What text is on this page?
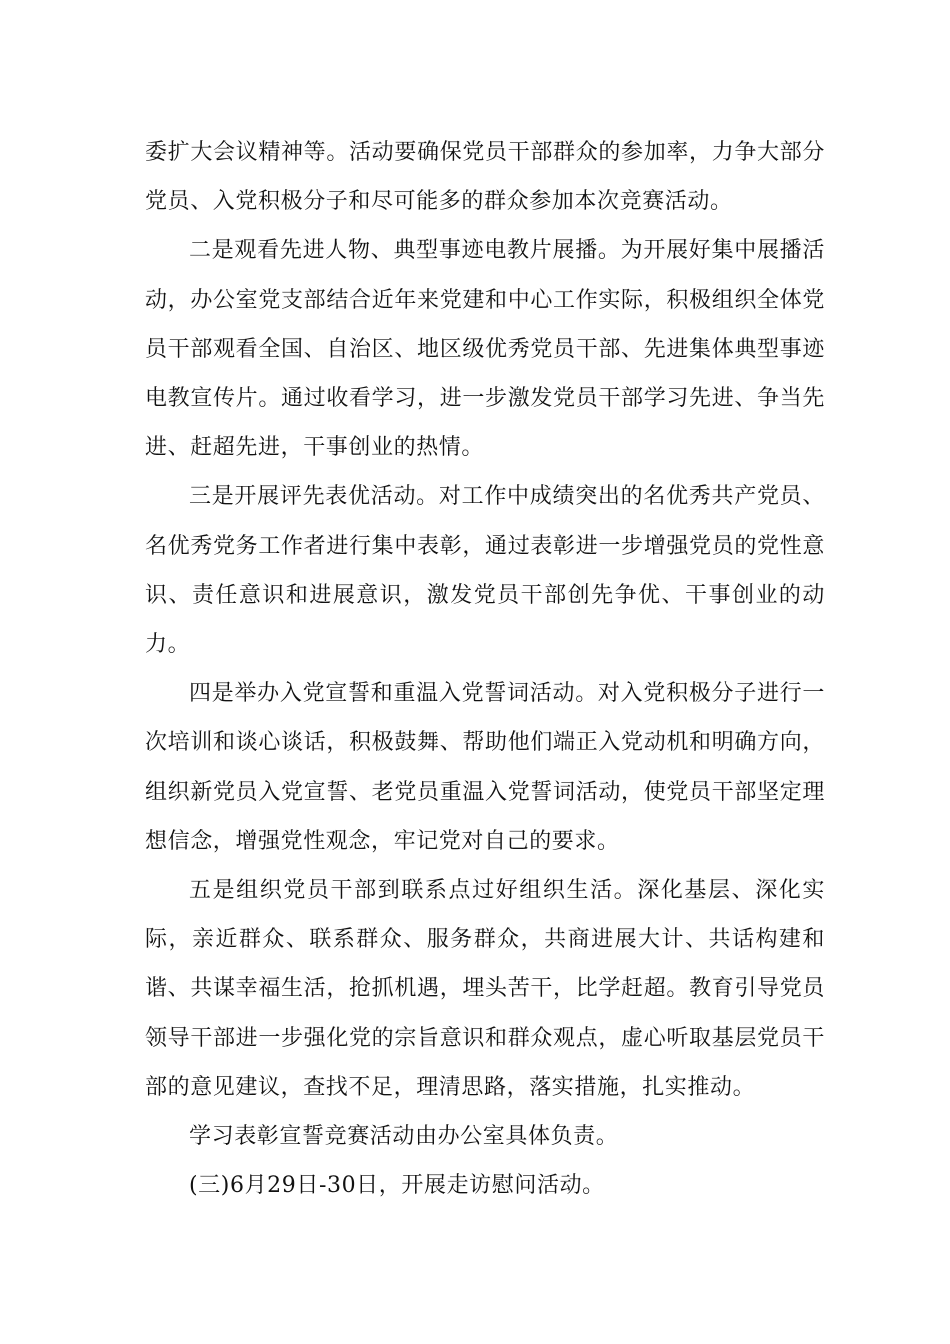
委扩大会议精神等。活动要确保党员干部群众的参加率，力争大部分党员、入党积极分子和尽可能多的群众参加本次竞赛活动。

二是观看先进人物、典型事迹电教片展播。为开展好集中展播活动，办公室党支部结合近年来党建和中心工作实际，积极组织全体党员干部观看全国、自治区、地区级优秀党员干部、先进集体典型事迹电教宣传片。通过收看学习，进一步激发党员干部学习先进、争当先进、赶超先进，干事创业的热情。

三是开展评先表优活动。对工作中成绩突出的名优秀共产党员、名优秀党务工作者进行集中表彰，通过表彰进一步增强党员的党性意识、责任意识和进展意识，激发党员干部创先争优、干事创业的动力。

四是举办入党宣誓和重温入党誓词活动。对入党积极分子进行一次培训和谈心谈话，积极鼓舞、帮助他们端正入党动机和明确方向，组织新党员入党宣誓、老党员重温入党誓词活动，使党员干部坚定理想信念，增强党性观念，牢记党对自己的要求。

五是组织党员干部到联系点过好组织生活。深化基层、深化实际，亲近群众、联系群众、服务群众，共商进展大计、共话构建和谐、共谋幸福生活，抢抓机遇，埋头苦干，比学赶超。教育引导党员领导干部进一步强化党的宗旨意识和群众观点，虚心听取基层党员干部的意见建议，查找不足，理清思路，落实措施，扎实推动。

学习表彰宣誓竞赛活动由办公室具体负责。

(三)6月29日-30日，开展走访慰问活动。
